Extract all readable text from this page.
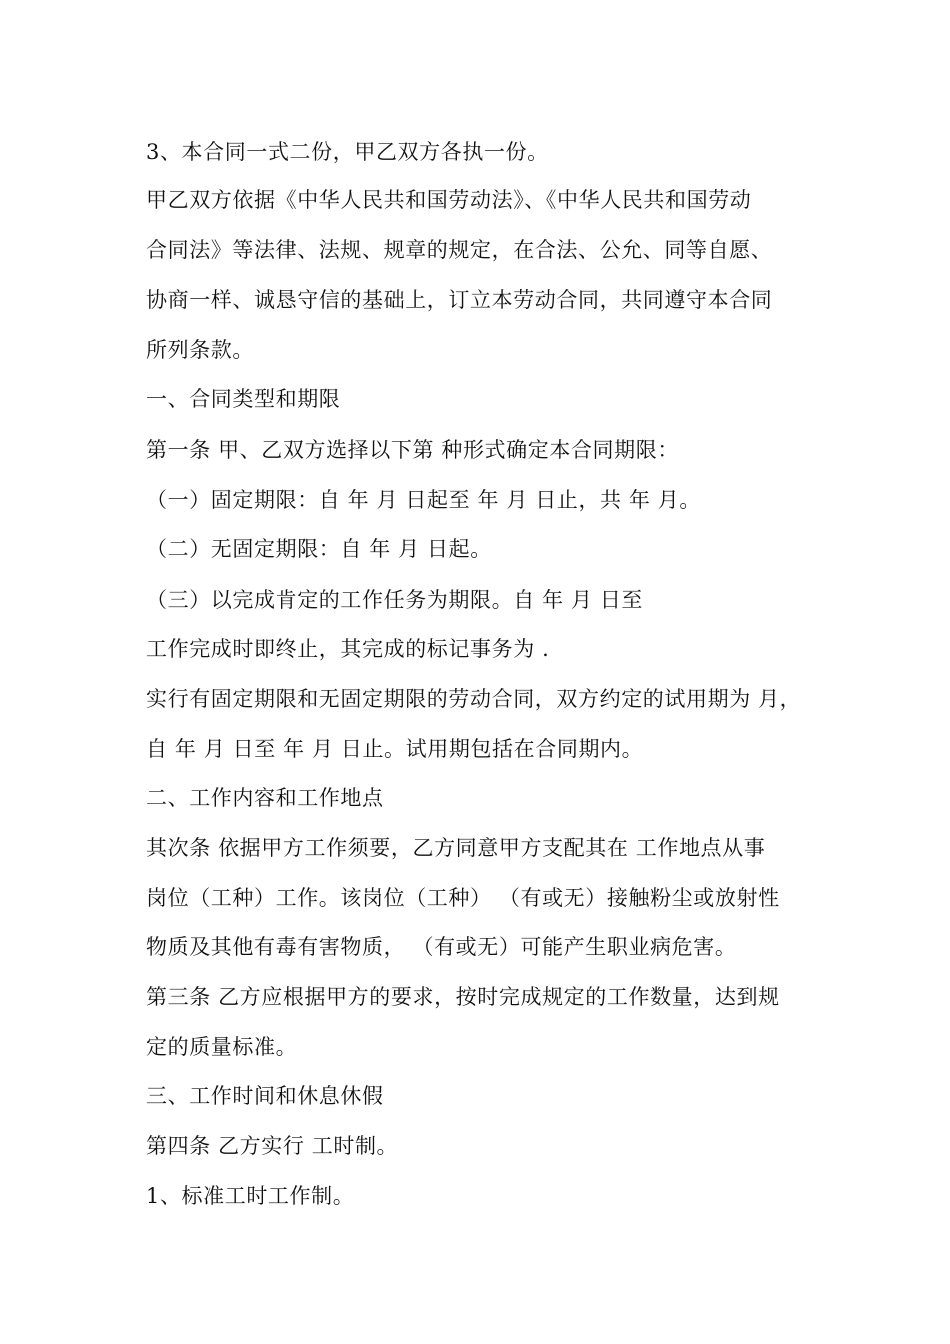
3、本合同一式二份，甲乙双方各执一份。
甲乙双方依据《中华人民共和国劳动法》、《中华人民共和国劳动
合同法》等法律、法规、规章的规定，在合法、公允、同等自愿、
协商一样、诚恳守信的基础上，订立本劳动合同，共同遵守本合同
所列条款。
一、合同类型和期限
第一条 甲、乙双方选择以下第 种形式确定本合同期限：
（一）固定期限：自 年 月 日起至 年 月 日止，共 年 月。
（二）无固定期限：自 年 月 日起。
（三）以完成肯定的工作任务为期限。自 年 月 日至
工作完成时即终止，其完成的标记事务为 .
实行有固定期限和无固定期限的劳动合同，双方约定的试用期为 月，
自 年 月 日至 年 月 日止。试用期包括在合同期内。
二、工作内容和工作地点
其次条 依据甲方工作须要，乙方同意甲方支配其在 工作地点从事
岗位（工种）工作。该岗位（工种） （有或无）接触粉尘或放射性
物质及其他有毒有害物质， （有或无）可能产生职业病危害。
第三条 乙方应根据甲方的要求，按时完成规定的工作数量，达到规
定的质量标准。
三、工作时间和休息休假
第四条 乙方实行 工时制。
1、标准工时工作制。
